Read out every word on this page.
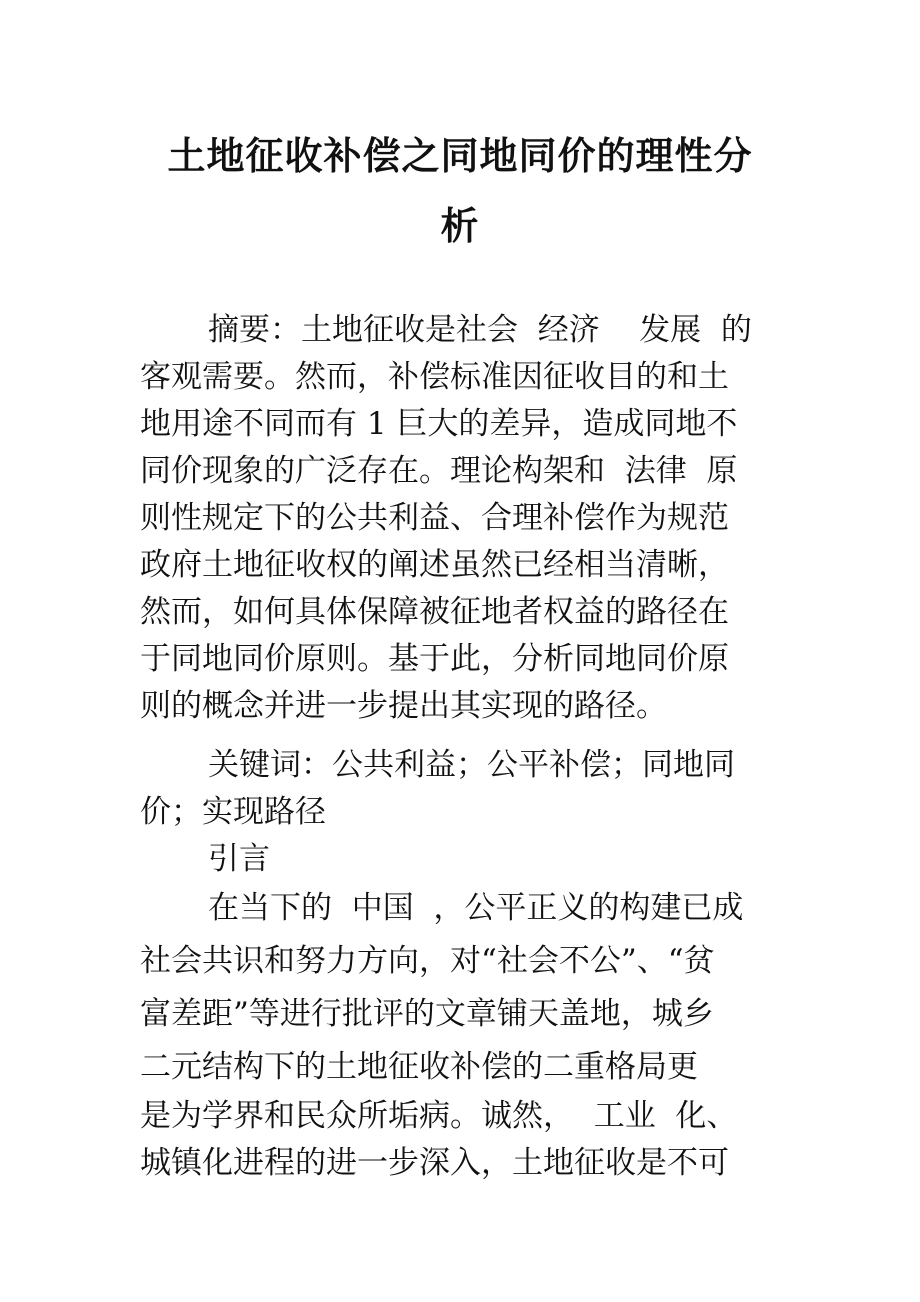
土地征收补偿之同地同价的理性分
析
摘要：土地征收是社会  经济    发展  的
客观需要。然而，补偿标准因征收目的和土
地用途不同而有 1 巨大的差异，造成同地不
同价现象的广泛存在。理论构架和  法律  原
则性规定下的公共利益、合理补偿作为规范
政府土地征收权的阐述虽然已经相当清晰，
然而，如何具体保障被征地者权益的路径在
于同地同价原则。基于此，分析同地同价原
则的概念并进一步提出其实现的路径。
关键词：公共利益；公平补偿；同地同
价；实现路径
引言
在当下的  中国  ，公平正义的构建已成
社会共识和努力方向，对“社会不公”、“贫
富差距”等进行批评的文章铺天盖地，城乡
二元结构下的土地征收补偿的二重格局更
是为学界和民众所垢病。诚然，  工业  化、
城镇化进程的进一步深入，土地征收是不可
